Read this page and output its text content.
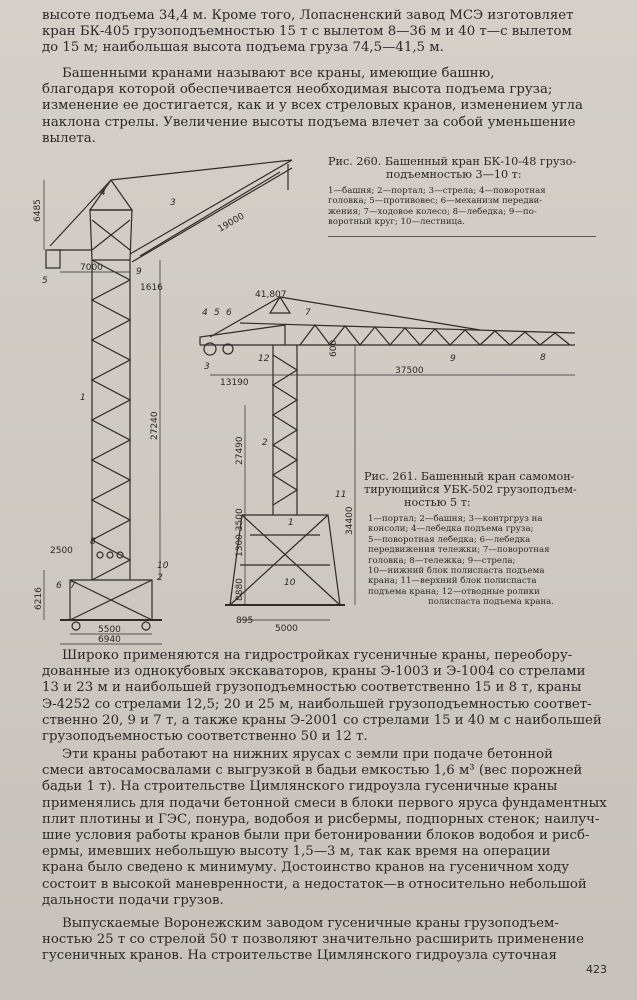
высоте подъема 34,4 м. Кроме того, Лопасненский завод МСЭ изготовляет
кран БК-405 грузоподъемностью 15 т с вылетом 8—36 м и 40 т—с вылетом
до 15 м; наибольшая высота подъема груза 74,5—41,5 м.

Башенными кранами называют все краны, имеющие башню,
благодаря которой обеспечивается необходимая высота подъема груза;
изменение ее достигается, как и у всех стреловых кранов, изменением угла
наклона стрелы. Увеличение высоты подъема влечет за собой уменьшение
вылета.

Рис. 260. Башенный кран БК-10-48 грузо-
подъемностью 3—10 т:
1—башня; 2—портал; 3—стрела; 4—поворотная
головка; 5—противовес; 6—механизм передви-
жения; 7—ходовое колесо; 8—лебедка; 9—по-
воротный круг; 10—лестница.
6485
7000
1616
19000
27240
2500
6216
5500
6940
1
2
3
4
5
6 7
8
9
10
41,807
600
13190
37500
27490
1300 3500	34400
8880
895
5000
1
2
3
4 5 6	7
8
9
10
11
12
Рис. 261. Башенный кран самомон-
тирующийся УБК-502 грузоподъем-
ностью 5 т:
1—портал; 2—башня; 3—контргруз на
консоли; 4—лебедка подъема груза;
5—поворотная лебедка; 6—лебедка
передвижения тележки; 7—поворотная
головка; 8—тележка; 9—стрела;
10—нижний блок полиспаста подъема
крана; 11—верхний блок полиспаста
подъема крана; 12—отводные ролики
полиспаста подъема крана.

Широко применяются на гидростройках гусеничные краны, переобору-
дованные из однокубовых экскаваторов, краны Э-1003 и Э-1004 со стрелами
13 и 23 м и наибольшей грузоподъемностью соответственно 15 и 8 т, краны
Э-4252 со стрелами 12,5; 20 и 25 м, наибольшей грузоподъемностью соответ-
ственно 20, 9 и 7 т, а также краны Э-2001 со стрелами 15 и 40 м с наибольшей
грузоподъемностью соответственно 50 и 12 т.

Эти краны работают на нижних ярусах с земли при подаче бетонной
смеси автосамосвалами с выгрузкой в бадьи емкостью 1,6 м³ (вес порожней
бадьи 1 т). На строительстве Цимлянского гидроузла гусеничные краны
применялись для подачи бетонной смеси в блоки первого яруса фундаментных
плит плотины и ГЭС, понура, водобоя и рисбермы, подпорных стенок; наилуч-
шие условия работы кранов были при бетонировании блоков водобоя и рисб-
ермы, имевших небольшую высоту 1,5—3 м, так как время на операции
крана было сведено к минимуму. Достоинство кранов на гусеничном ходу
состоит в высокой маневренности, а недостаток—в относительно небольшой
дальности подачи грузов.

Выпускаемые Воронежским заводом гусеничные краны грузоподъем-
ностью 25 т со стрелой 50 т позволяют значительно расширить применение
гусеничных кранов. На строительстве Цимлянского гидроузла суточная

423
